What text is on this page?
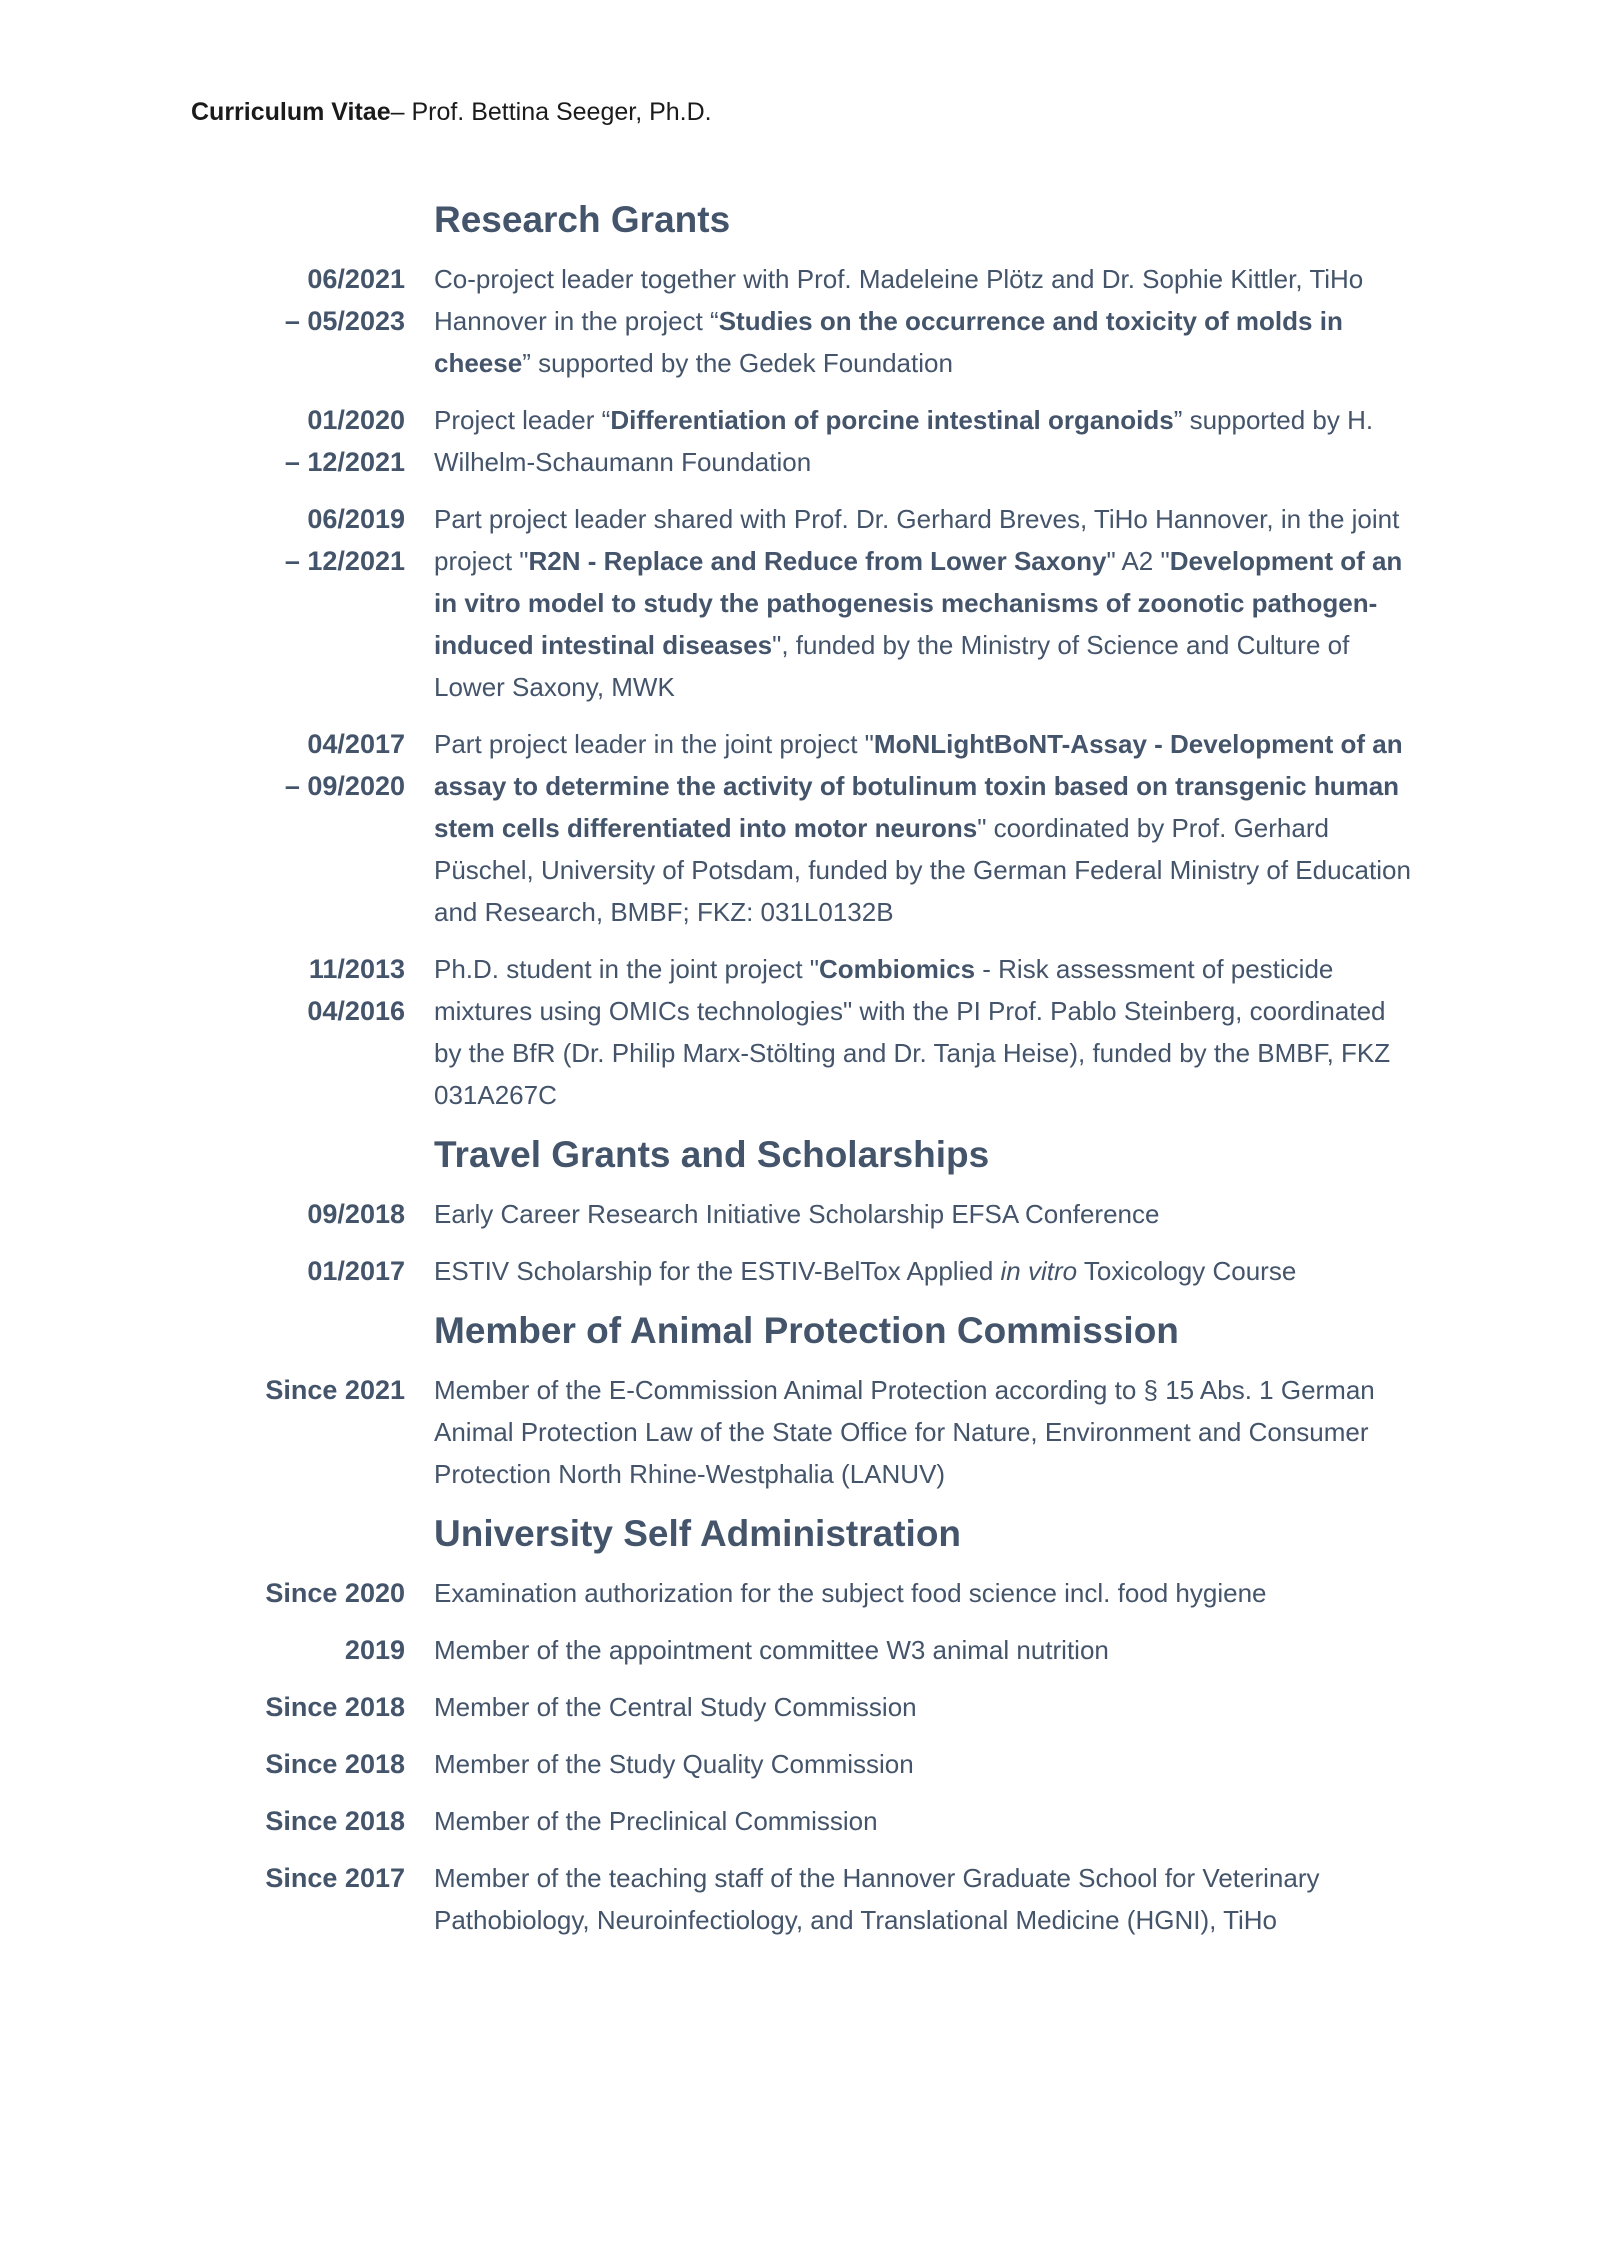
Curriculum Vitae– Prof. Bettina Seeger, Ph.D.
Research Grants
06/2021
– 05/2023
Co-project leader together with Prof. Madeleine Plötz and Dr. Sophie Kittler, TiHo Hannover in the project “Studies on the occurrence and toxicity of molds in cheese” supported by the Gedek Foundation
01/2020
– 12/2021
Project leader “Differentiation of porcine intestinal organoids” supported by H. Wilhelm-Schaumann Foundation
06/2019
– 12/2021
Part project leader shared with Prof. Dr. Gerhard Breves, TiHo Hannover, in the joint project "R2N - Replace and Reduce from Lower Saxony" A2 "Development of an in vitro model to study the pathogenesis mechanisms of zoonotic pathogen-induced intestinal diseases", funded by the Ministry of Science and Culture of Lower Saxony, MWK
04/2017
– 09/2020
Part project leader in the joint project "MoNLightBoNT-Assay - Development of an assay to determine the activity of botulinum toxin based on transgenic human stem cells differentiated into motor neurons" coordinated by Prof. Gerhard Püschel, University of Potsdam, funded by the German Federal Ministry of Education and Research, BMBF; FKZ: 031L0132B
11/2013
04/2016
Ph.D. student in the joint project "Combiomics - Risk assessment of pesticide mixtures using OMICs technologies" with the PI Prof. Pablo Steinberg, coordinated by the BfR (Dr. Philip Marx-Stölting and Dr. Tanja Heise), funded by the BMBF, FKZ 031A267C
Travel Grants and Scholarships
09/2018 Early Career Research Initiative Scholarship EFSA Conference
01/2017 ESTIV Scholarship for the ESTIV-BelTox Applied in vitro Toxicology Course
Member of Animal Protection Commission
Since 2021 Member of the E-Commission Animal Protection according to § 15 Abs. 1 German Animal Protection Law of the State Office for Nature, Environment and Consumer Protection North Rhine-Westphalia (LANUV)
University Self Administration
Since 2020 Examination authorization for the subject food science incl. food hygiene
2019 Member of the appointment committee W3 animal nutrition
Since 2018 Member of the Central Study Commission
Since 2018 Member of the Study Quality Commission
Since 2018 Member of the Preclinical Commission
Since 2017 Member of the teaching staff of the Hannover Graduate School for Veterinary Pathobiology, Neuroinfectiology, and Translational Medicine (HGNI), TiHo
